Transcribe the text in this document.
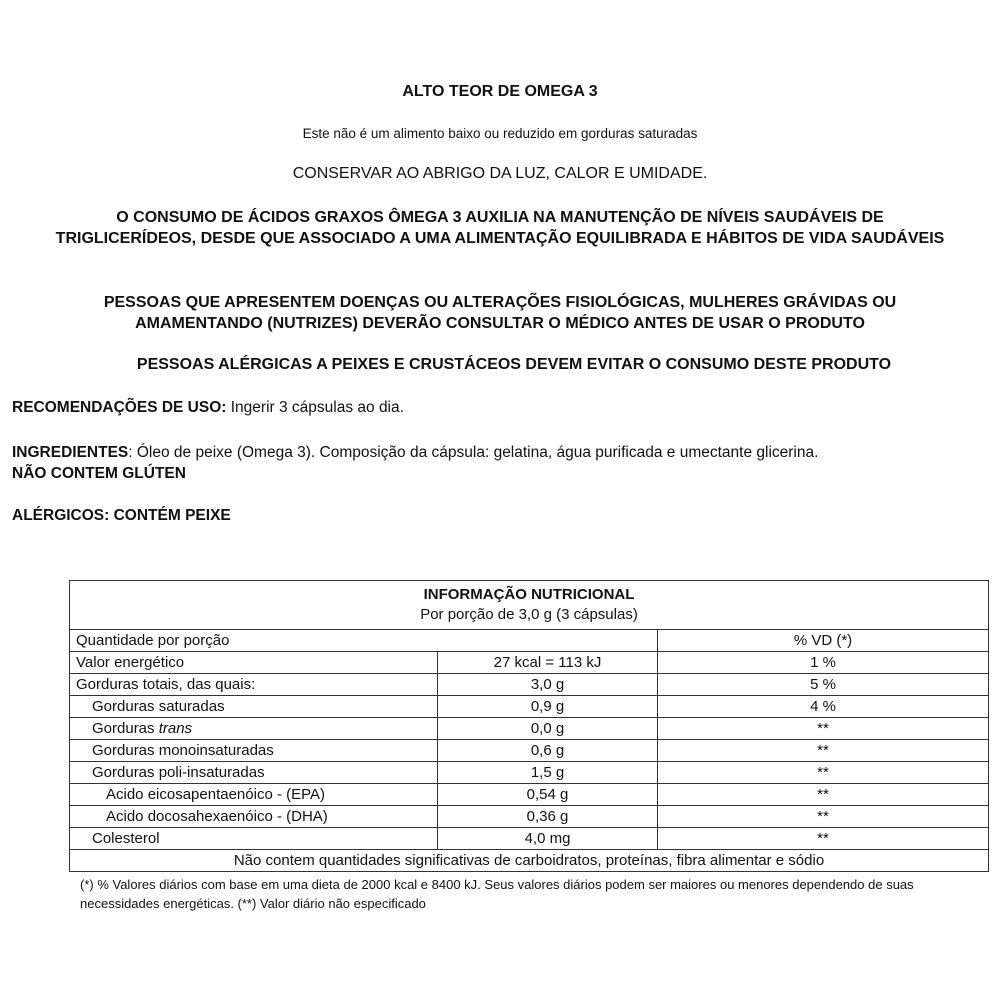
ALTO TEOR DE OMEGA 3
Este não é um alimento baixo ou reduzido em gorduras saturadas
CONSERVAR AO ABRIGO DA LUZ, CALOR E UMIDADE.
O CONSUMO DE ÁCIDOS GRAXOS ÔMEGA 3 AUXILIA NA MANUTENÇÃO DE NÍVEIS SAUDÁVEIS DE TRIGLICERÍDEOS, DESDE QUE ASSOCIADO A UMA ALIMENTAÇÃO EQUILIBRADA E HÁBITOS DE VIDA SAUDÁVEIS
PESSOAS QUE APRESENTEM DOENÇAS OU ALTERAÇÕES FISIOLÓGICAS, MULHERES GRÁVIDAS OU AMAMENTANDO (NUTRIZES) DEVERÃO CONSULTAR O MÉDICO ANTES DE USAR O PRODUTO
PESSOAS ALÉRGICAS A PEIXES E CRUSTÁCEOS DEVEM EVITAR O CONSUMO DESTE PRODUTO
RECOMENDAÇÕES DE USO: Ingerir 3 cápsulas ao dia.
INGREDIENTES: Óleo de peixe (Omega 3). Composição da cápsula: gelatina, água purificada e umectante glicerina.
NÃO CONTEM GLÚTEN
ALÉRGICOS: CONTÉM PEIXE
INFORMAÇÃO NUTRICIONAL
Por porção de 3,0 g (3 cápsulas)		

Quantidade por porção		% VD (*)
Valor energético	27 kcal = 113 kJ	1 %
Gorduras totais, das quais:	3,0 g	5 %
Gorduras saturadas	0,9 g	4 %
Gorduras trans	0,0 g	**
Gorduras monoinsaturadas	0,6 g	**
Gorduras poli-insaturadas	1,5 g	**
Acido eicosapentaenóico - (EPA)	0,54 g	**
Acido docosahexaenóico - (DHA)	0,36 g	**
Colesterol	4,0 mg	**
Não contem quantidades significativas de carboidratos, proteínas, fibra alimentar e sódio		
(*) % Valores diários com base em uma dieta de 2000 kcal e 8400 kJ. Seus valores diários podem ser maiores ou menores dependendo de suas necessidades energéticas. (**) Valor diário não especificado
